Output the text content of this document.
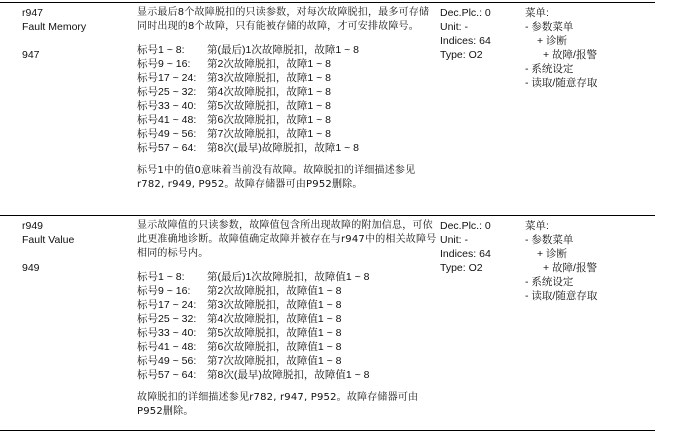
r947
Fault Memory
947
显示最后8个故障脱扣的只读参数，对每次故障脱扣，最多可存储同时出现的8个故障，只有能被存储的故障，才可安排故障号。
标号1 ~ 8:	第(最后)1次故障脱扣，故障1 ~ 8
标号9 ~ 16:	第2次故障脱扣，故障1 ~ 8
标号17 ~ 24:	第3次故障脱扣，故障1 ~ 8
标号25 ~ 32:	第4次故障脱扣，故障1 ~ 8
标号33 ~ 40:	第5次故障脱扣，故障1 ~ 8
标号41 ~ 48:	第6次故障脱扣，故障1 ~ 8
标号49 ~ 56:	第7次故障脱扣，故障1 ~ 8
标号57 ~ 64:	第8次(最早)故障脱扣，故障1 ~ 8
标号1中的值0意味着当前没有故障。故障脱扣的详细描述参见r782, r949, P952。故障存储器可由P952删除。
Dec.Plc.: 0
Unit: -
Indices: 64
Type: O2
菜单:
- 参数菜单
+ 诊断
+ 故障/报警
- 系统设定
- 读取/随意存取
r949
Fault Value
949
显示故障值的只读参数，故障值包含所出现故障的附加信息，可依此更准确地诊断。故障值确定故障并被存在与r947中的相关故障号相同的标号内。
标号1 ~ 8:	第(最后)1次故障脱扣，故障值1 ~ 8
标号9 ~ 16:	第2次故障脱扣，故障值1 ~ 8
标号17 ~ 24:	第3次故障脱扣，故障值1 ~ 8
标号25 ~ 32:	第4次故障脱扣，故障值1 ~ 8
标号33 ~ 40:	第5次故障脱扣，故障值1 ~ 8
标号41 ~ 48:	第6次故障脱扣，故障值1 ~ 8
标号49 ~ 56:	第7次故障脱扣，故障值1 ~ 8
标号57 ~ 64:	第8次(最早)故障脱扣，故障值1 ~ 8
故障脱扣的详细描述参见r782, r947, P952。故障存储器可由P952删除。
Dec.Plc.: 0
Unit: -
Indices: 64
Type: O2
菜单:
- 参数菜单
+ 诊断
+ 故障/报警
- 系统设定
- 读取/随意存取
